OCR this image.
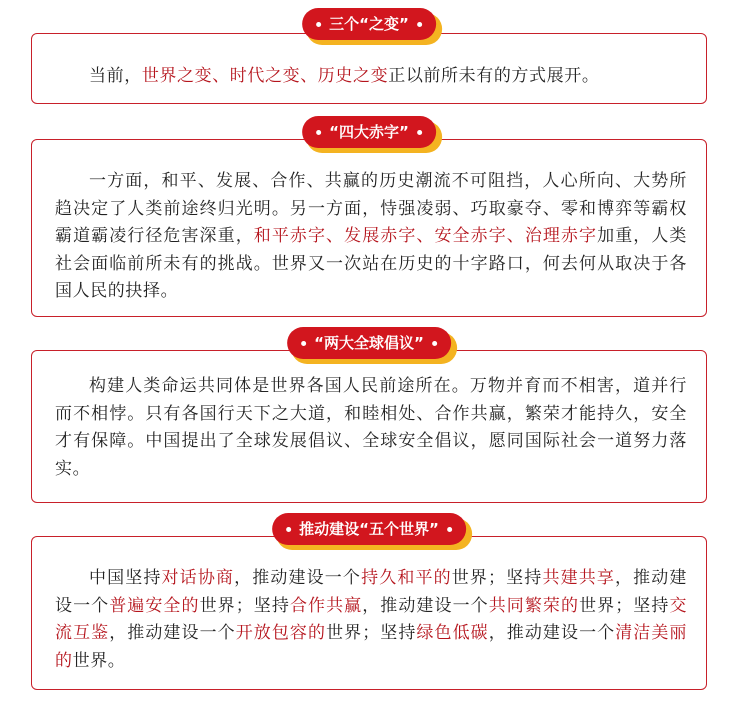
三个“之变”

当前，世界之变、时代之变、历史之变正以前所未有的方式展开。

“四大赤字”

一方面，和平、发展、合作、共赢的历史潮流不可阻挡，人心所向、大势所趋决定了人类前途终归光明。另一方面，恃强凌弱、巧取豪夺、零和博弈等霸权霸道霸凌行径危害深重，和平赤字、发展赤字、安全赤字、治理赤字加重，人类社会面临前所未有的挑战。世界又一次站在历史的十字路口，何去何从取决于各国人民的抉择。

“两大全球倡议”

构建人类命运共同体是世界各国人民前途所在。万物并育而不相害，道并行而不相悖。只有各国行天下之大道，和睦相处、合作共赢，繁荣才能持久，安全才有保障。中国提出了全球发展倡议、全球安全倡议，愿同国际社会一道努力落实。

推动建设“五个世界”

中国坚持对话协商，推动建设一个持久和平的世界；坚持共建共享，推动建设一个普遍安全的世界；坚持合作共赢，推动建设一个共同繁荣的世界；坚持交流互鉴，推动建设一个开放包容的世界；坚持绿色低碳，推动建设一个清洁美丽的世界。
